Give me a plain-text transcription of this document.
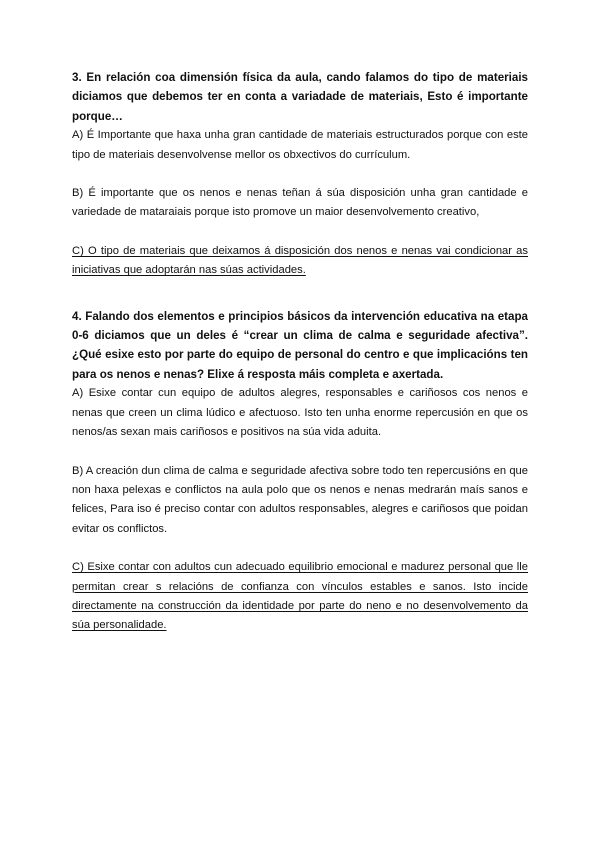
3. En relación coa dimensión física da aula, cando falamos do tipo de materiais diciamos que debemos ter en conta a variadade de materiais, Esto é importante porque…

A) É Importante que haxa unha gran cantidade de materiais estructurados porque con este tipo de materiais desenvolvense mellor os obxectivos do currículum.

B) É importante que os nenos e nenas teñan á súa disposición unha gran cantidade e variedade de mataraiais porque isto promove un maior desenvolvemento creativo,

C) O tipo de materiais que deixamos á disposición dos nenos e nenas vai condicionar as iniciativas que adoptarán nas súas actividades.

4. Falando dos elementos e principios básicos da intervención educativa na etapa 0-6 diciamos que un deles é “crear un clima de calma e seguridade afectiva”. ¿Qué esixe esto por parte do equipo de personal do centro e que implicacións ten para os nenos e nenas? Elixe á resposta máis completa e axertada.

A) Esixe contar cun equipo de adultos alegres, responsables e cariñosos cos nenos e nenas que creen un clima lúdico e afectuoso. Isto ten unha enorme repercusión en que os nenos/as sexan mais cariñosos e positivos na súa vida aduita.

B) A creación dun clima de calma e seguridade afectiva sobre todo ten repercusións en que non haxa pelexas e conflictos na aula polo que os nenos e nenas medrarán maís sanos e felices, Para iso é preciso contar con adultos responsables, alegres e cariñosos que poidan evitar os conflictos.

C) Esixe contar con adultos cun adecuado equilibrio emocional e madurez personal que lle permitan crear s relacións de confianza con vínculos estables e sanos. Isto incide directamente na construcción da identidade por parte do neno e no desenvolvemento da súa personalidade.
